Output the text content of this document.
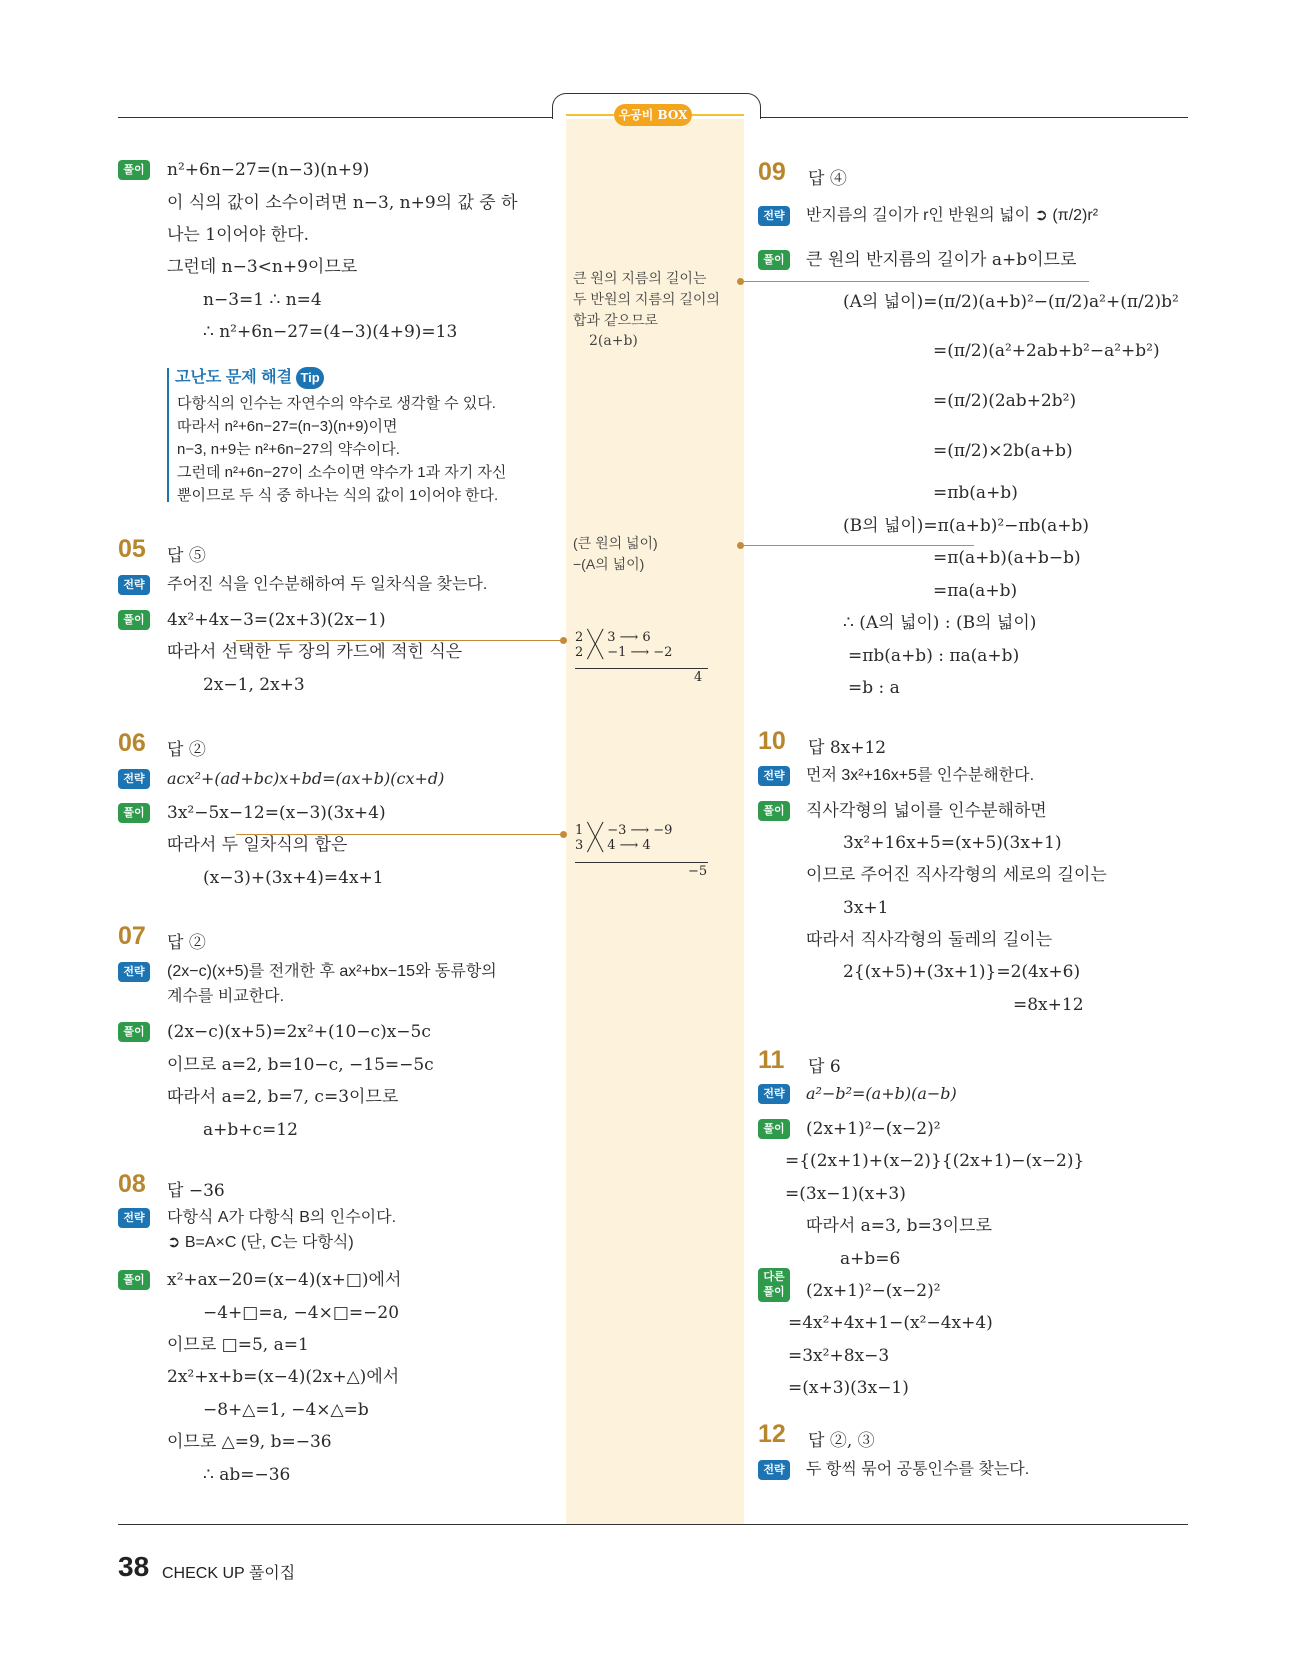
우공비 BOX
풀이	n²+6n−27=(n−3)(n+9)
이 식의 값이 소수이려면 n−3, n+9의 값 중 하
나는 1이어야 한다.
그런데 n−3<n+9이므로
n−3=1 ∴ n=4
∴ n²+6n−27=(4−3)(4+9)=13
고난도 문제 해결 Tip
다항식의 인수는 자연수의 약수로 생각할 수 있다.
따라서 n²+6n−27=(n−3)(n+9)이면
n−3, n+9는 n²+6n−27의 약수이다.
그런데 n²+6n−27이 소수이면 약수가 1과 자기 자신
뿐이므로 두 식 중 하나는 식의 값이 1이어야 한다.
05 답 ⑤
전략	주어진 식을 인수분해하여 두 일차식을 찾는다.
풀이	4x²+4x−3=(2x+3)(2x−1)
따라서 선택한 두 장의 카드에 적힌 식은
2x−1, 2x+3
06 답 ②
전략	acx²+(ad+bc)x+bd=(ax+b)(cx+d)
풀이	3x²−5x−12=(x−3)(3x+4)
따라서 두 일차식의 합은
(x−3)+(3x+4)=4x+1
07 답 ②
전략	(2x−c)(x+5)를 전개한 후 ax²+bx−15와 동류항의
계수를 비교한다.
풀이	(2x−c)(x+5)=2x²+(10−c)x−5c
이므로 a=2, b=10−c, −15=−5c
따라서 a=2, b=7, c=3이므로
a+b+c=12
08 답 −36
전략	다항식 A가 다항식 B의 인수이다.
➲ B=A×C (단, C는 다항식)
풀이	x²+ax−20=(x−4)(x+□)에서
−4+□=a, −4×□=−20
이므로 □=5, a=1
2x²+x+b=(x−4)(2x+△)에서
−8+△=1, −4×△=b
이므로 △=9, b=−36
∴ ab=−36
큰 원의 지름의 길이는
두 반원의 지름의 길이의
합과 같으므로
2(a+b)
(큰 원의 넓이)
−(A의 넓이)
2 ╲╱ 3 ⟶ 6
2 ╱╲ −1 ⟶ −2
4
1 ╲╱ −3 ⟶ −9
3 ╱╲ 4 ⟶ 4
−5
09 답 ④
전략	반지름의 길이가 r인 반원의 넓이 ➲ (π/2)r²
풀이	큰 원의 반지름의 길이가 a+b이므로
(A의 넓이)=(π/2)(a+b)²−(π/2)a²+(π/2)b²
=(π/2)(a²+2ab+b²−a²+b²)
=(π/2)(2ab+2b²)
=(π/2)×2b(a+b)
=πb(a+b)
(B의 넓이)=π(a+b)²−πb(a+b)
=π(a+b)(a+b−b)
=πa(a+b)
∴ (A의 넓이) : (B의 넓이)
=πb(a+b) : πa(a+b)
=b : a
10 답 8x+12
전략	먼저 3x²+16x+5를 인수분해한다.
풀이	직사각형의 넓이를 인수분해하면
3x²+16x+5=(x+5)(3x+1)
이므로 주어진 직사각형의 세로의 길이는
3x+1
따라서 직사각형의 둘레의 길이는
2{(x+5)+(3x+1)}=2(4x+6)
=8x+12
11 답 6
전략	a²−b²=(a+b)(a−b)
풀이	(2x+1)²−(x−2)²
={(2x+1)+(x−2)}{(2x+1)−(x−2)}
=(3x−1)(x+3)
따라서 a=3, b=3이므로
a+b=6
다른 풀이	(2x+1)²−(x−2)²
=4x²+4x+1−(x²−4x+4)
=3x²+8x−3
=(x+3)(3x−1)
12 답 ②, ③
전략	두 항씩 묶어 공통인수를 찾는다.
38 CHECK UP 풀이집
